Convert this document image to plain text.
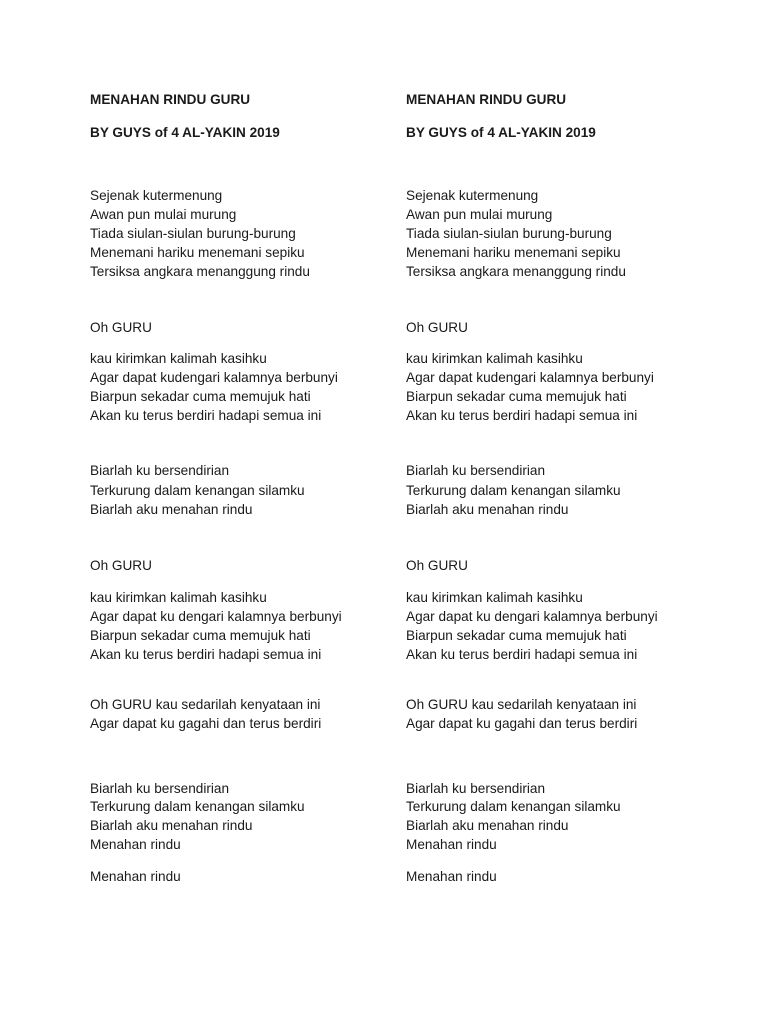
MENAHAN RINDU GURU
BY GUYS of 4 AL-YAKIN 2019
Sejenak kutermenung
Awan pun mulai murung
Tiada siulan-siulan burung-burung
Menemani hariku menemani sepiku
Tersiksa angkara menanggung rindu
Oh GURU
kau kirimkan kalimah kasihku
Agar dapat kudengari kalamnya berbunyi
Biarpun sekadar cuma memujuk hati
Akan ku terus berdiri hadapi semua ini
Biarlah ku bersendirian
Terkurung dalam kenangan silamku
Biarlah aku menahan rindu
Oh GURU
kau kirimkan kalimah kasihku
Agar dapat ku dengari kalamnya berbunyi
Biarpun sekadar cuma memujuk hati
Akan ku terus berdiri hadapi semua ini
Oh GURU kau sedarilah kenyataan ini
Agar dapat ku gagahi dan terus berdiri
Biarlah ku bersendirian
Terkurung dalam kenangan silamku
Biarlah aku menahan rindu
Menahan rindu
Menahan rindu
MENAHAN RINDU GURU
BY GUYS of 4 AL-YAKIN 2019
Sejenak kutermenung
Awan pun mulai murung
Tiada siulan-siulan burung-burung
Menemani hariku menemani sepiku
Tersiksa angkara menanggung rindu
Oh GURU
kau kirimkan kalimah kasihku
Agar dapat kudengari kalamnya berbunyi
Biarpun sekadar cuma memujuk hati
Akan ku terus berdiri hadapi semua ini
Biarlah ku bersendirian
Terkurung dalam kenangan silamku
Biarlah aku menahan rindu
Oh GURU
kau kirimkan kalimah kasihku
Agar dapat ku dengari kalamnya berbunyi
Biarpun sekadar cuma memujuk hati
Akan ku terus berdiri hadapi semua ini
Oh GURU kau sedarilah kenyataan ini
Agar dapat ku gagahi dan terus berdiri
Biarlah ku bersendirian
Terkurung dalam kenangan silamku
Biarlah aku menahan rindu
Menahan rindu
Menahan rindu
